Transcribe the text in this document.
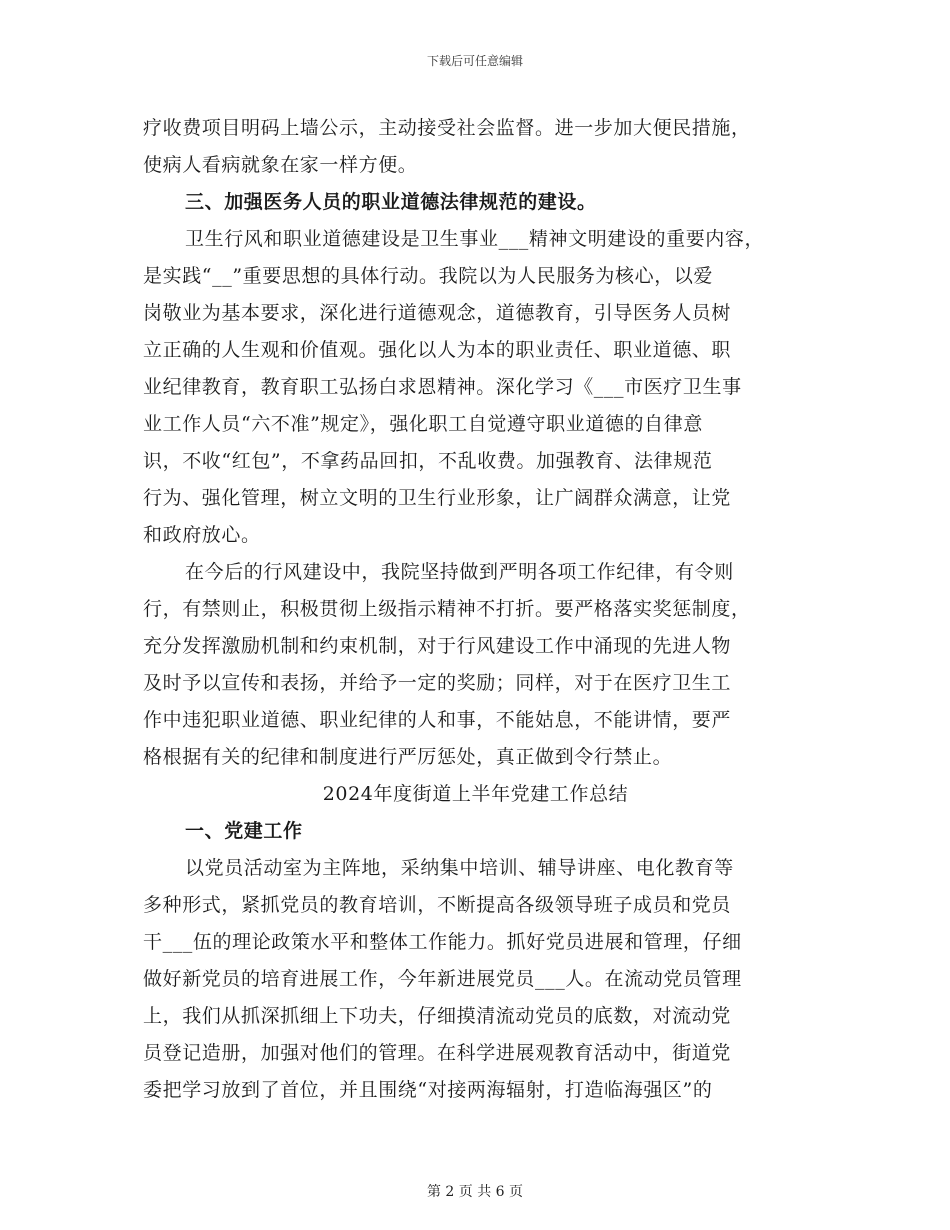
下载后可任意编辑
疗收费项目明码上墙公示，主动接受社会监督。进一步加大便民措施，
使病人看病就象在家一样方便。
三、加强医务人员的职业道德法律规范的建设。
卫生行风和职业道德建设是卫生事业___精神文明建设的重要内容，
是实践“__”重要思想的具体行动。我院以为人民服务为核心，以爱
岗敬业为基本要求，深化进行道德观念，道德教育，引导医务人员树
立正确的人生观和价值观。强化以人为本的职业责任、职业道德、职
业纪律教育，教育职工弘扬白求恩精神。深化学习《___市医疗卫生事
业工作人员“六不准”规定》，强化职工自觉遵守职业道德的自律意
识，不收“红包”，不拿药品回扣，不乱收费。加强教育、法律规范
行为、强化管理，树立文明的卫生行业形象，让广阔群众满意，让党
和政府放心。
在今后的行风建设中，我院坚持做到严明各项工作纪律，有令则
行，有禁则止，积极贯彻上级指示精神不打折。要严格落实奖惩制度，
充分发挥激励机制和约束机制，对于行风建设工作中涌现的先进人物
及时予以宣传和表扬，并给予一定的奖励；同样，对于在医疗卫生工
作中违犯职业道德、职业纪律的人和事，不能姑息，不能讲情，要严
格根据有关的纪律和制度进行严厉惩处，真正做到令行禁止。
2024年度街道上半年党建工作总结
一、党建工作
以党员活动室为主阵地，采纳集中培训、辅导讲座、电化教育等
多种形式，紧抓党员的教育培训，不断提高各级领导班子成员和党员
干___伍的理论政策水平和整体工作能力。抓好党员进展和管理，仔细
做好新党员的培育进展工作，今年新进展党员___人。在流动党员管理
上，我们从抓深抓细上下功夫，仔细摸清流动党员的底数，对流动党
员登记造册，加强对他们的管理。在科学进展观教育活动中，街道党
委把学习放到了首位，并且围绕“对接两海辐射，打造临海强区”的
第 2 页 共 6 页
